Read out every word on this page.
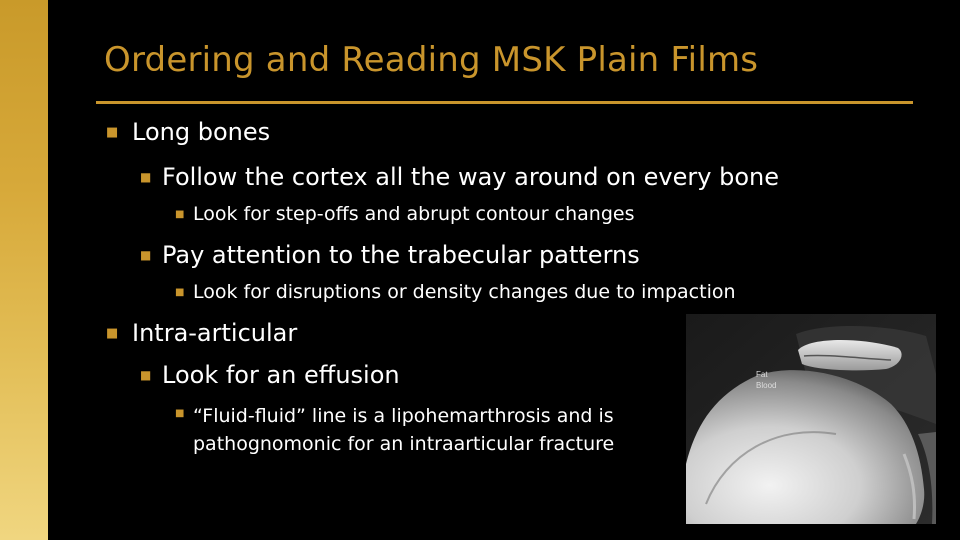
Ordering and Reading MSK Plain Films
■ Long bones
■ Follow the cortex all the way around on every bone
■ Look for step-offs and abrupt contour changes
■ Pay attention to the trabecular patterns
■ Look for disruptions or density changes due to impaction
■ Intra-articular
■ Look for an effusion
■ “Fluid-fluid” line is a lipohemarthrosis and is
pathognomonic for an intraarticular fracture
Fat
Blood
